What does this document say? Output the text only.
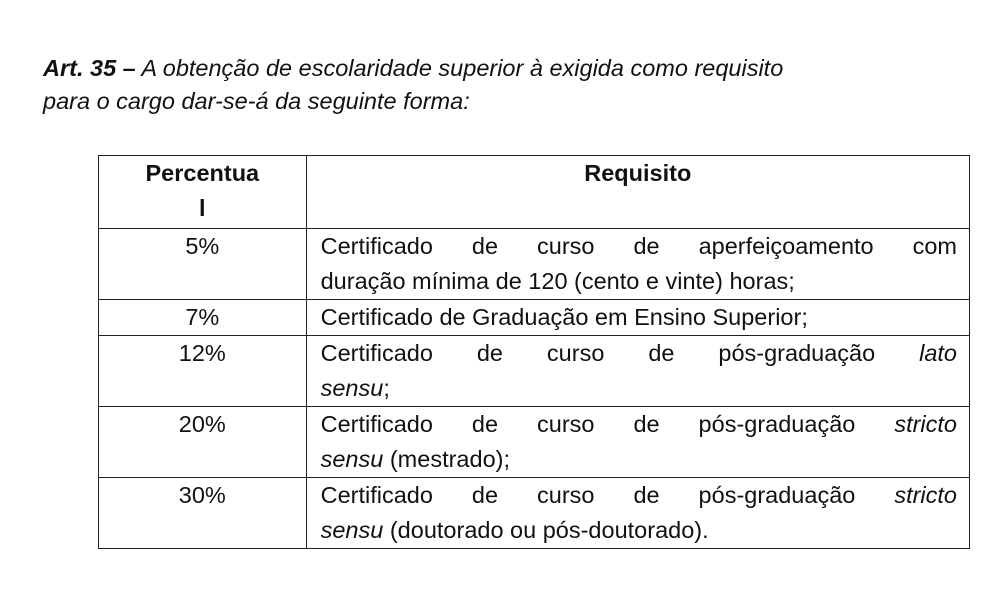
Art. 35 – A obtenção de escolaridade superior à exigida como requisito
para o cargo dar-se-á da seguinte forma:
Percentua
l	Requisito
5%	Certificado de curso de aperfeiçoamento com
duração mínima de 120 (cento e vinte) horas;

7%	Certificado de Graduação em Ensino Superior;

12%	Certificado de curso de pós-graduação lato
sensu;

20%	Certificado de curso de pós-graduação stricto
sensu (mestrado);

30%	Certificado de curso de pós-graduação stricto
sensu (doutorado ou pós-doutorado).
